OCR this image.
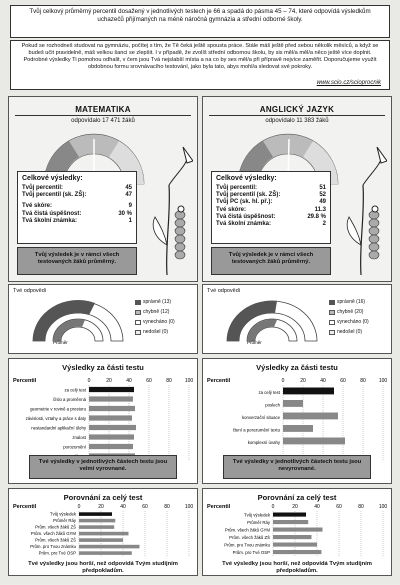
Tvůj celkový průměrný percentil dosažený v jednotlivých testech je 66 a spadá do pásma 45 – 74, které odpovídá výsledkům uchazečů přijímaných na méně náročná gymnázia a střední odborné školy.
Pokud se rozhodneš studovat na gymnáziu, počítej s tím, že Tě čeká ještě spousta práce. Stále máš ještě před sebou několik měsíců, a když se budeš učit pravidelně, máš velkou šanci se zlepšit. I v případě, že zvolíš střední odbornou školu, by sis měl/a měl/a něco ještě více doplnit. Podrobné výsledky Ti pomohou odhalit, v čem jsou Tvá nejslabší místa a na co by ses měl/a při přípravě nejvíce zaměřit. Doporučujeme využít obdobnou formu srovnávacího testování, jako byla tato, abys mohl/a sledovat své pokroky.
www.scio.cz/scioprocnik
MATEMATIKA
odpovídalo 17 471 žáků
Celkové výsledky:
Tvůj percentil:	45
Tvůj percentil (sk. ZŠ):	47
Tvé skóre:	9
Tvá čistá úspěšnost:	30 %
Tvá školní známka:	1
Tvůj výsledek je v rámci všech testovaných žáků průměrný.
Tvé odpovědi
Průměr
správně (13)
chybně (12)
vynecháno (0)
nedošel (0)
Výsledky za části testu
Percentil	0	20	40	60	80	100
za celý test
číslo a proměnná
geometrie v rovině a prostoru
závislosti, vztahy a práce s daty
nestandardní aplikační úlohy
znalost
porozumění
Tvé výsledky v jednotlivých částech testu jsou velmi vyrovnané.
Porovnání za celý test
Percentil	0	20	40	60	80	100
Tvůj výsledek
Průměr Ráy
Prům. všech žáků ZŠ
Prům. všech žáků GYM
Prům. všech žáků ZŠ
Prům. pro Tvou známku
Prům. pro Tvé OSP
Tvé výsledky jsou horší, než odpovídá Tvým studijním předpokladům.
ANGLICKÝ JAZYK
odpovídalo 11 383 žáků
Celkové výsledky:
Tvůj percentil:	51
Tvůj percentil (sk. ZŠ):	52
Tvůj PC (sk. hl. př.):	49
Tvé skóre:	11.3
Tvá čistá úspěšnost:	29.8 %
Tvá školní známka:	2
Tvůj výsledek je v rámci všech testovaných žáků průměrný.
Tvé odpovědi
Průměr
správně (16)
chybně (20)
vynecháno (0)
nedošel (0)
Výsledky za části testu
Percentil	0	20	40	60	80	100
za celý test
poslech
konverzační situace
čtení a porozumění textu
komplexní úvahy
Tvé výsledky v jednotlivých částech testu jsou nevyrovnané.
Porovnání za celý test
Percentil	0	20	40	60	80	100
Tvůj výsledek
Průměr Ráy
Prům. všech žáků GYM
Prům. všech žáků ZŠ
Prům. pro Tvou známku
Prům. pro Tvé OSP
Tvé výsledky jsou horší, než odpovídá Tvým studijním předpokladům.
